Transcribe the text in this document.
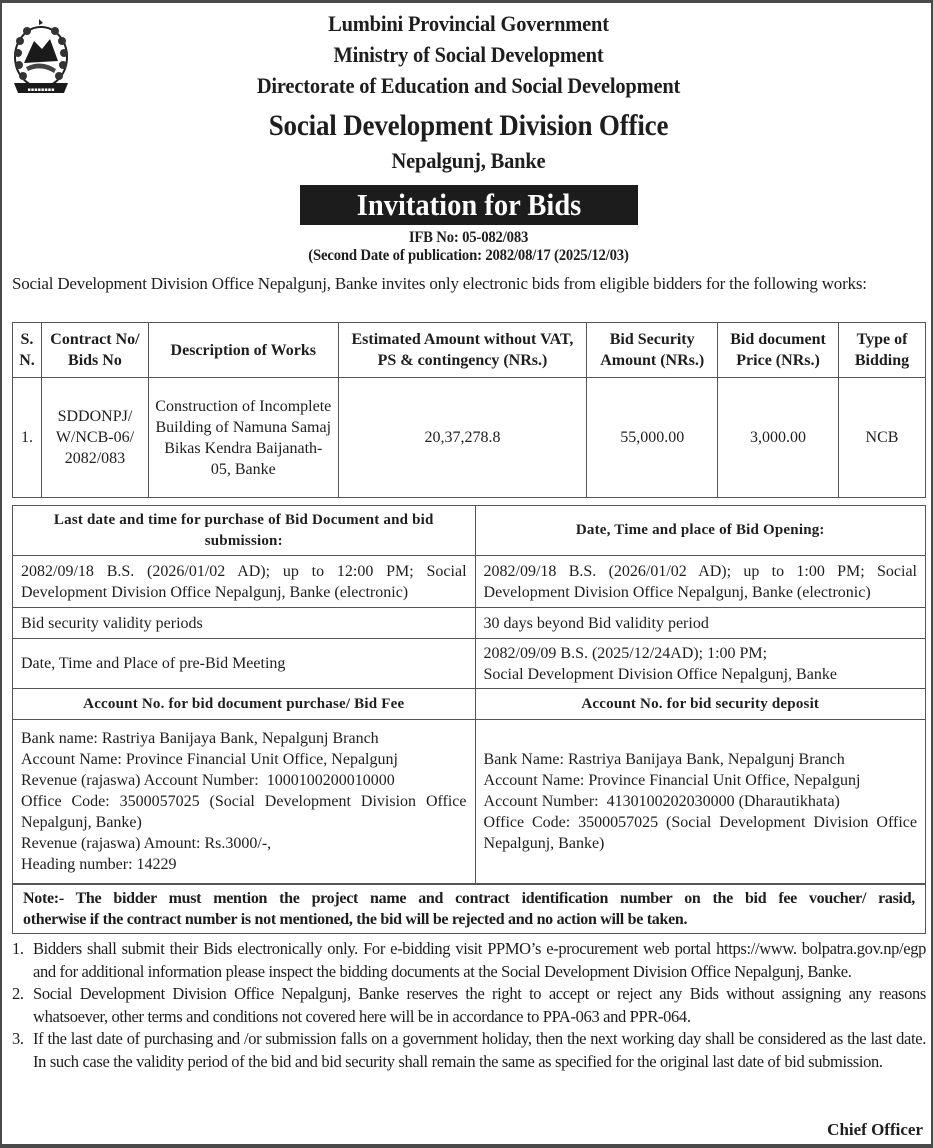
▪▪▪▪▪▪▪▪
Lumbini Provincial Government
Ministry of Social Development
Directorate of Education and Social Development
Social Development Division Office
Nepalgunj, Banke
Invitation for Bids
IFB No: 05-082/083
(Second Date of publication: 2082/08/17 (2025/12/03)

Social Development Division Office Nepalgunj, Banke invites only electronic bids from eligible bidders for the following works:

S. N.	Contract No/ Bids No	Description of Works	Estimated Amount without VAT, PS & contingency (NRs.)	Bid Security Amount (NRs.)	Bid document Price (NRs.)	Type of Bidding
1.	SDDONPJ/ W/NCB-06/ 2082/083	Construction of Incomplete Building of Namuna Samaj Bikas Kendra Baijanath- 05, Banke	20,37,278.8	55,000.00	3,000.00	NCB
Last date and time for purchase of Bid Document and bid submission:	Date, Time and place of Bid Opening:
2082/09/18 B.S. (2026/01/02 AD); up to 12:00 PM; Social Development Division Office Nepalgunj, Banke (electronic)	2082/09/18 B.S. (2026/01/02 AD); up to 1:00 PM; Social Development Division Office Nepalgunj, Banke (electronic)
Bid security validity periods	30 days beyond Bid validity period
Date, Time and Place of pre-Bid Meeting	2082/09/09 B.S. (2025/12/24AD); 1:00 PM;
Social Development Division Office Nepalgunj, Banke

Account No. for bid document purchase/ Bid Fee	Account No. for bid security deposit

Bank name: Rastriya Banijaya Bank, Nepalgunj Branch
Account Name: Province Financial Unit Office, Nepalgunj
Revenue (rajaswa) Account Number:  1000100200010000
Office Code: 3500057025 (Social Development Division Office Nepalgunj, Banke)
Revenue (rajaswa) Amount: Rs.3000/-,
Heading number: 14229

Bank Name: Rastriya Banijaya Bank, Nepalgunj Branch
Account Name: Province Financial Unit Office, Nepalgunj
Account Number:  4130100202030000 (Dharautikhata)
Office Code: 3500057025 (Social Development Division Office Nepalgunj, Banke)

Note:- The bidder must mention the project name and contract identification number on the bid fee voucher/ rasid,

otherwise if the contract number is not mentioned, the bid will be rejected and no action will be taken.

1. Bidders shall submit their Bids electronically only. For e-bidding visit PPMO’s e-procurement web portal https://www. bolpatra.gov.np/egp and for additional information please inspect the bidding documents at the Social Development Division Office Nepalgunj, Banke.
2. Social Development Division Office Nepalgunj, Banke reserves the right to accept or reject any Bids without assigning any reasons whatsoever, other terms and conditions not covered here will be in accordance to PPA-063 and PPR-064.
3. If the last date of purchasing and /or submission falls on a government holiday, then the next working day shall be considered as the last date. In such case the validity period of the bid and bid security shall remain the same as specified for the original last date of bid submission.
Chief Officer
